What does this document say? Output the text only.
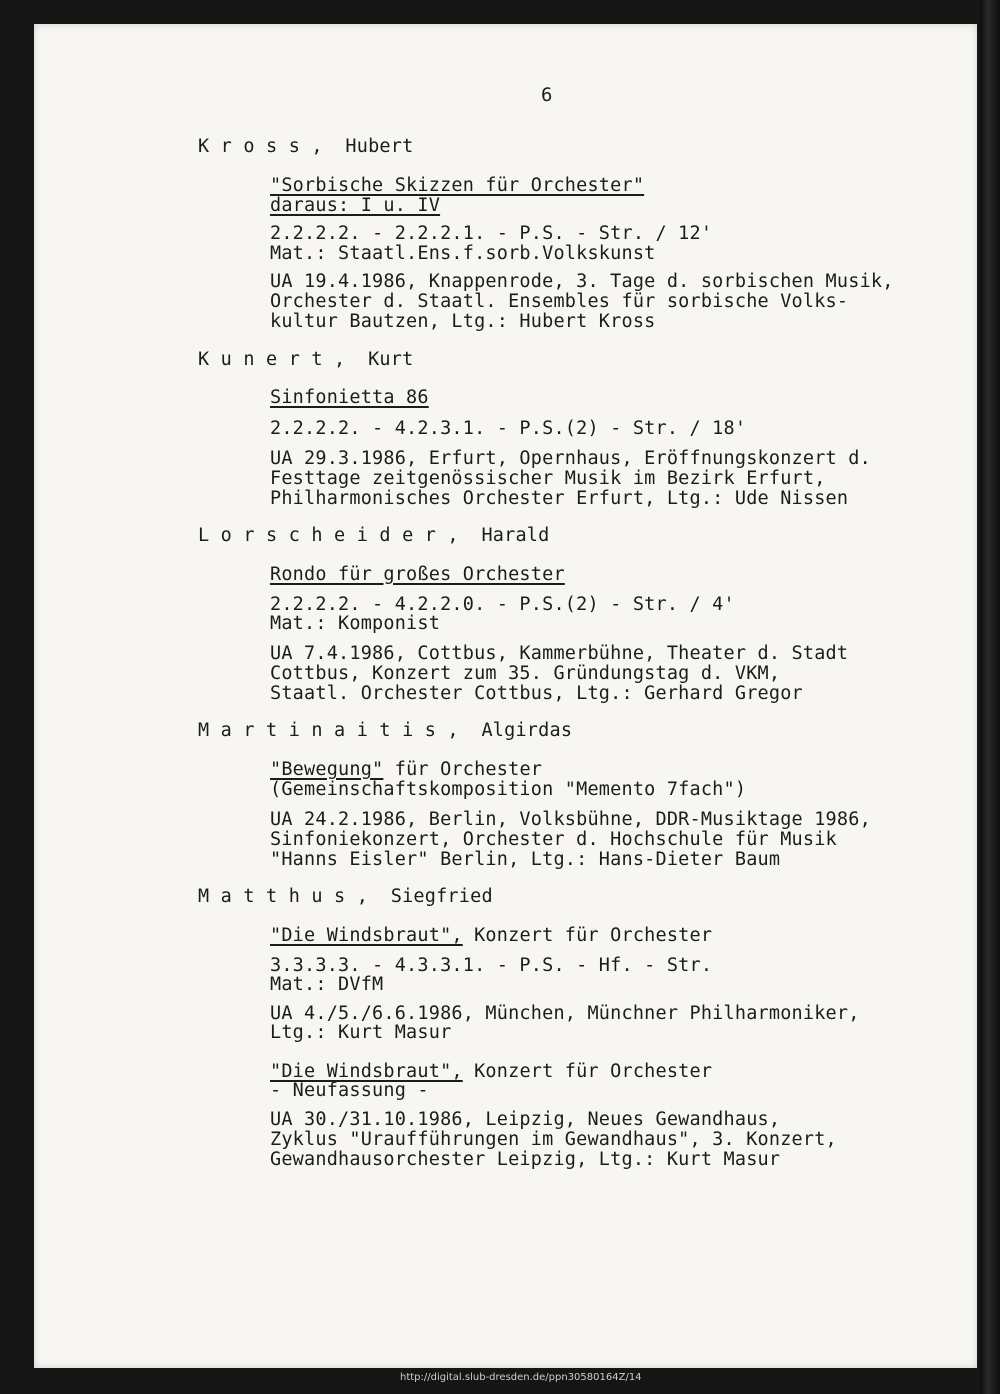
6
K r o s s ,  Hubert
"Sorbische Skizzen für Orchester"
daraus: I u. IV
2.2.2.2. - 2.2.2.1. - P.S. - Str. / 12'
Mat.: Staatl.Ens.f.sorb.Volkskunst
UA 19.4.1986, Knappenrode, 3. Tage d. sorbischen Musik,
Orchester d. Staatl. Ensembles für sorbische Volks-
kultur Bautzen, Ltg.: Hubert Kross
K u n e r t ,  Kurt
Sinfonietta 86
2.2.2.2. - 4.2.3.1. - P.S.(2) - Str. / 18'
UA 29.3.1986, Erfurt, Opernhaus, Eröffnungskonzert d.
Festtage zeitgenössischer Musik im Bezirk Erfurt,
Philharmonisches Orchester Erfurt, Ltg.: Ude Nissen
L o r s c h e i d e r ,  Harald
Rondo für großes Orchester
2.2.2.2. - 4.2.2.0. - P.S.(2) - Str. / 4'
Mat.: Komponist
UA 7.4.1986, Cottbus, Kammerbühne, Theater d. Stadt
Cottbus, Konzert zum 35. Gründungstag d. VKM,
Staatl. Orchester Cottbus, Ltg.: Gerhard Gregor
M a r t i n a i t i s ,  Algirdas
"Bewegung" für Orchester
(Gemeinschaftskomposition "Memento 7fach")
UA 24.2.1986, Berlin, Volksbühne, DDR-Musiktage 1986,
Sinfoniekonzert, Orchester d. Hochschule für Musik
"Hanns Eisler" Berlin, Ltg.: Hans-Dieter Baum
M a t t h u s ,  Siegfried
"Die Windsbraut", Konzert für Orchester
3.3.3.3. - 4.3.3.1. - P.S. - Hf. - Str.
Mat.: DVfM
UA 4./5./6.6.1986, München, Münchner Philharmoniker,
Ltg.: Kurt Masur
"Die Windsbraut", Konzert für Orchester
- Neufassung -
UA 30./31.10.1986, Leipzig, Neues Gewandhaus,
Zyklus "Uraufführungen im Gewandhaus", 3. Konzert,
Gewandhausorchester Leipzig, Ltg.: Kurt Masur
http://digital.slub-dresden.de/ppn30580164Z/14
